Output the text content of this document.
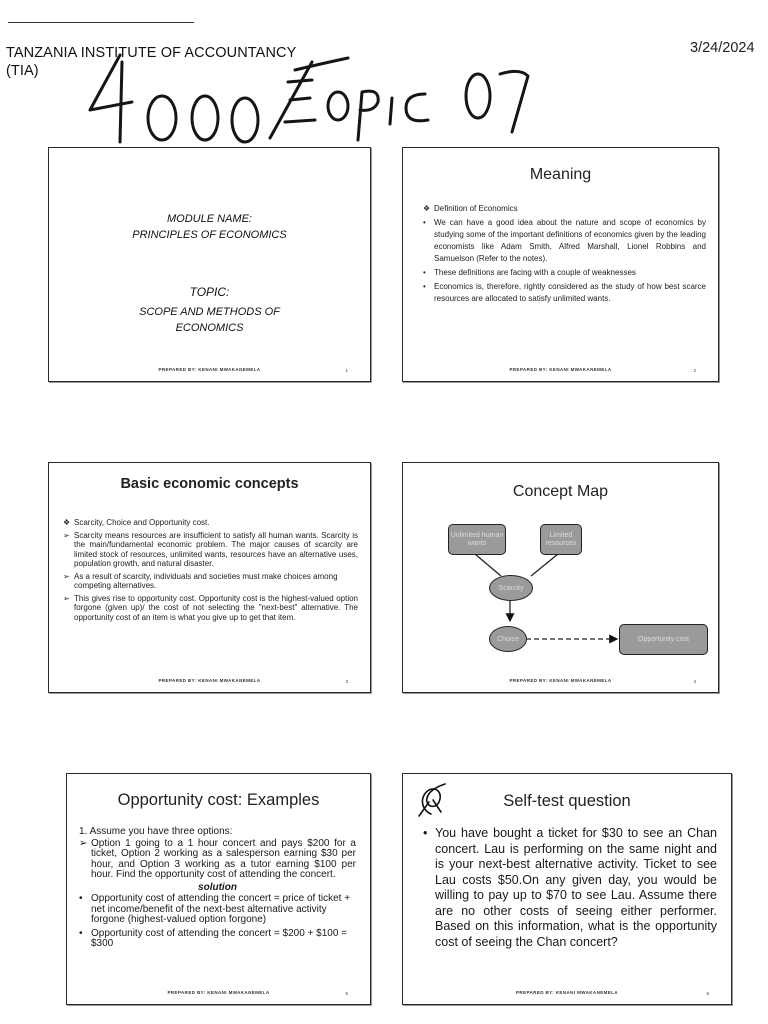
TANZANIA INSTITUTE OF ACCOUNTANCY
(TIA)
3/24/2024
MODULE NAME:
PRINCIPLES OF ECONOMICS
TOPIC:
SCOPE AND METHODS OF
ECONOMICS
PREPARED BY: KENANI MWAKANEMELA	1
Meaning
❖ Definition of Economics
• We can have a good idea about the nature and scope of economics by studying some of the important definitions of economics given by the leading economists like Adam Smith, Alfred Marshall, Lionel Robbins and Samuelson (Refer to the notes).
• These definitions are facing with a couple of weaknesses
• Economics is, therefore, rightly considered as the study of how best scarce resources are allocated to satisfy unlimited wants.
PREPARED BY: KENANI MWAKANEMELA	2
Basic economic concepts
❖ Scarcity, Choice and Opportunity cost.
➢ Scarcity means resources are insufficient to satisfy all human wants. Scarcity is the main/fundamental economic problem. The major causes of scarcity are limited stock of resources, unlimited wants, resources have an alternative uses, population growth, and natural disaster.
➢ As a result of scarcity, individuals and societies must make choices among competing alternatives.
➢ This gives rise to opportunity cost. Opportunity cost is the highest-valued option forgone (given up)/ the cost of not selecting the "next-best" alternative. The opportunity cost of an item is what you give up to get that item.
PREPARED BY: KENANI MWAKANEMELA	3
Concept Map
Unlimited human wants
Limited resources
Scarcity
Choice	Opportunity cost
PREPARED BY: KENANI MWAKANEMELA	4
Opportunity cost: Examples
1. Assume you have three options:
➢ Option 1 going to a 1 hour concert and pays $200 for a ticket, Option 2 working as a salesperson earning $30 per hour, and Option 3 working as a tutor earning $100 per hour. Find the opportunity cost of attending the concert.
solution
• Opportunity cost of attending the concert = price of ticket + net income/benefit of the next-best alternative activity forgone (highest-valued option forgone)
• Opportunity cost of attending the concert = $200 + $100 = $300
PREPARED BY: KENANI MWAKANEMELA	5
Self-test question
• You have bought a ticket for $30 to see an Chan concert. Lau is performing on the same night and is your next-best alternative activity. Ticket to see Lau costs $50.On any given day, you would be willing to pay up to $70 to see Lau. Assume there are no other costs of seeing either performer. Based on this information, what is the opportunity cost of seeing the Chan concert?
PREPARED BY: KENANI MWAKANEMELA	6
